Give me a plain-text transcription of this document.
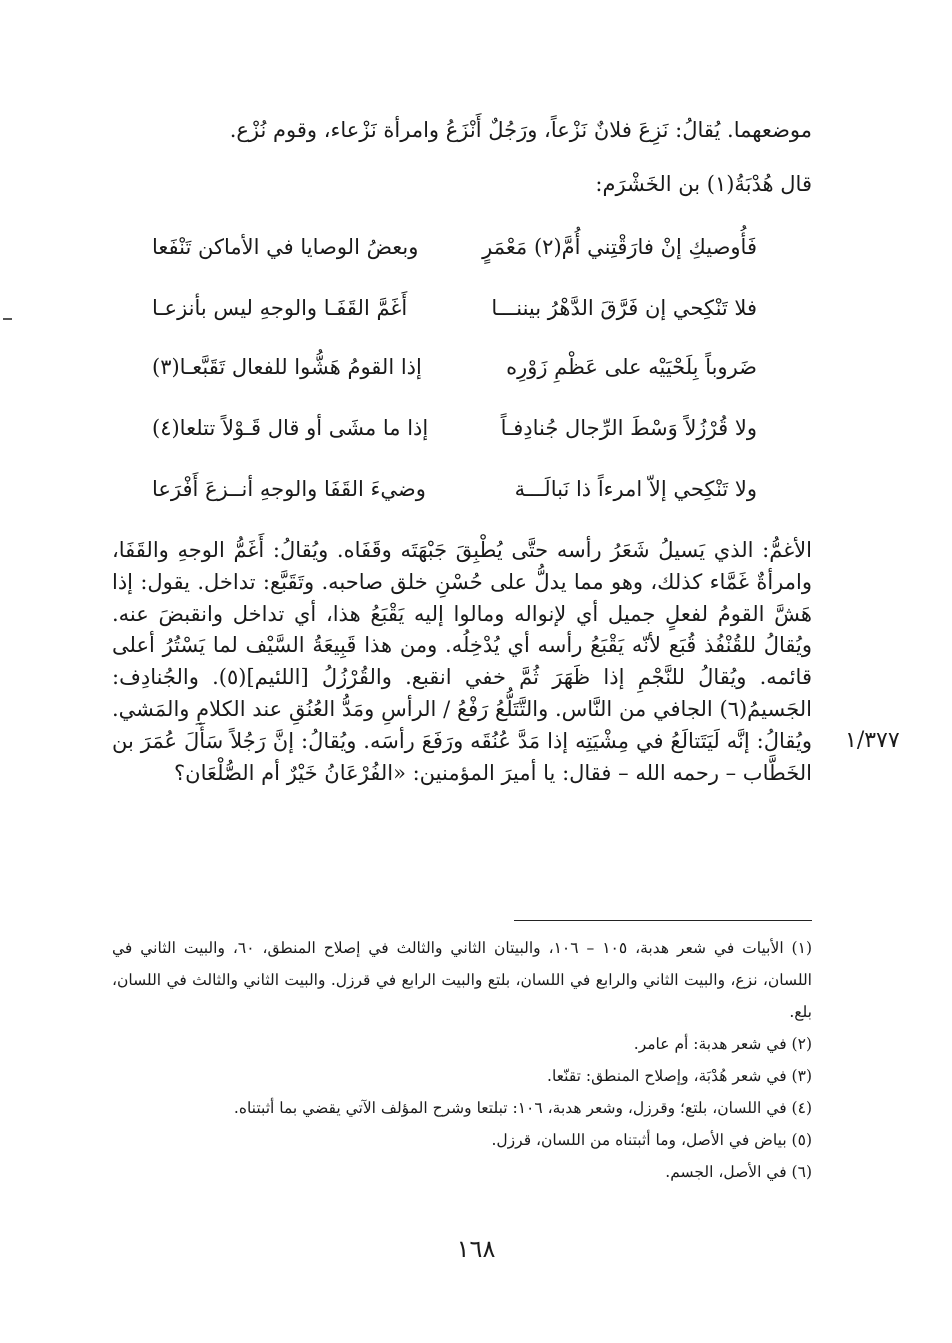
موضعهما. يُقالُ: نَزِعَ فلانٌ نَزْعاً، ورَجُلٌ أَنْزَعُ وامرأة نَزْعاء، وقوم نُزْع.

قال هُدْبَةُ(١) بن الخَشْرَم:
فَأُوصيكِ إنْ فارَقْتِني أُمَّ(٢) مَعْمَرٍ
وبعضُ الوصايا في الأماكن تَنْفَعا
فلا تَنْكِحي إن فَرَّقَ الدَّهْرُ بيننـــا
أَغَمَّ القَفَـا والوجهِ ليس بأنزعـا
ضَروباً بِلَحْيَيْه على عَظْمِ زَوْرِه
إذا القومُ هَشُّوا للفعال تَقَبَّعـا(٣)
ولا قُرْزُلاً وَسْطَ الرِّجال جُنادِفـاً
إذا ما مشَى أو قال قَـوْلاً تتلعا(٤)
ولا تَنْكِحي إلاّ امرءاً ذا نَبالَـــة
وضيءَ القَفَا والوجهِ أنــزعَ أَفْرَعا

الأغمُّ: الذي يَسيلُ شَعَرُ رأسه حتَّى يُطْبِقَ جَبْهَتَه وقَفَاه. ويُقالُ: أَغَمُّ الوجهِ والقَفَا، وامرأةٌ غَمَّاء كذلك، وهو مما يدلُّ على حُسْنِ خلق صاحبه. وتَقَبَّع: تداخل. يقول: إذا هَشَّ القومُ لفعلٍ جميل أي لإنواله ومالوا إليه يَقْبَعُ هذا، أي تداخل وانقبضَ عنه. ويُقالُ للقُنْفُذ قُبَع لأنّه يَقْبَعُ رأسه أي يُدْخِلُه. ومن هذا قَبِيعَةُ السَّيْف لما يَسْتُرُ أعلى قائمه. ويُقالُ للنَّجْمِ إذا ظَهَرَ ثُمَّ خفي انقبع. والقُرْزُلُ [اللئيم](٥). والجُنادِف: الجَسيمُ(٦) الجافي من النَّاس. والتَّتَلُّعُ رَفْعُ / الرأسِ ومَدُّ العُنُقِ عند الكلامِ والمَشي. ويُقالُ: إنَّه لَيَتَتالَعُ في مِشْيَتِه إذا مَدَّ عُنُقَه ورَفَعَ رأسَه. ويُقالُ: إنَّ رَجُلاً سَأَلَ عُمَرَ بن الخَطَّاب – رحمه الله – فقال: يا أميرَ المؤمنين: «الفُرْعَانُ خَيْرٌ أم الصُّلْعَان؟

١/٣٧٧

(١) الأبيات في شعر هدبة، ١٠٥ – ١٠٦، والبيتان الثاني والثالث في إصلاح المنطق، ٦٠، والبيت الثاني في اللسان، نزع، والبيت الثاني والرابع في اللسان، بلتع والبيت الرابع في قرزل. والبيت الثاني والثالث في اللسان، بلع.

(٢) في شعر هدبة: أم عامر.

(٣) في شعر هُدْبَة، وإصلاح المنطق: تقنّعا.

(٤) في اللسان، بلتع؛ وقرزل، وشعر هدبة، ١٠٦: تبلتعا وشرح المؤلف الآتي يقضي بما أثبتناه.

(٥) بياض في الأصل، وما أثبتناه من اللسان، قرزل.

(٦) في الأصل، الجسم.

١٦٨
